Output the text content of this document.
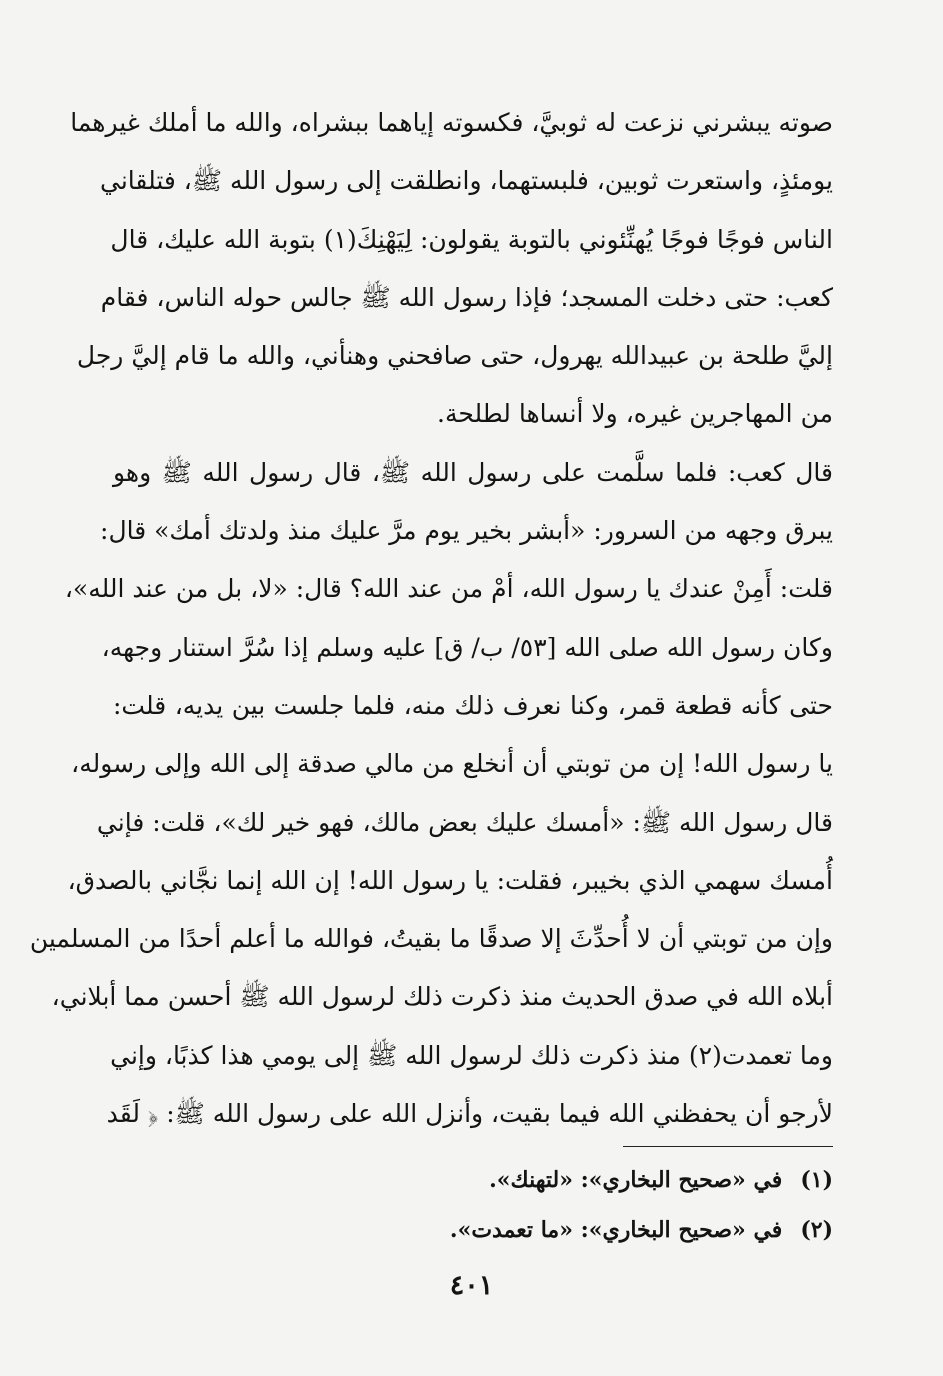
صوته يبشرني نزعت له ثوبيَّ، فكسوته إياهما ببشراه، والله ما أملك غيرهما
يومئذٍ، واستعرت ثوبين، فلبستهما، وانطلقت إلى رسول الله ﷺ، فتلقاني
الناس فوجًا فوجًا يُهنِّئوني بالتوبة يقولون: لِيَهْنِكَ(١) بتوبة الله عليك، قال
كعب: حتى دخلت المسجد؛ فإذا رسول الله ﷺ جالس حوله الناس، فقام
إليَّ طلحة بن عبيدالله يهرول، حتى صافحني وهنأني، والله ما قام إليَّ رجل
من المهاجرين غيره، ولا أنساها لطلحة.
قال كعب: فلما سلَّمت على رسول الله ﷺ، قال رسول الله ﷺ وهو
يبرق وجهه من السرور: «أبشر بخير يوم مرَّ عليك منذ ولدتك أمك» قال:
قلت: أَمِنْ عندك يا رسول الله، أمْ من عند الله؟ قال: «لا، بل من عند الله»،
وكان رسول الله صلى الله [٥٣/ ب/ ق] عليه وسلم إذا سُرَّ استنار وجهه،
حتى كأنه قطعة قمر، وكنا نعرف ذلك منه، فلما جلست بين يديه، قلت:
يا رسول الله! إن من توبتي أن أنخلع من مالي صدقة إلى الله وإلى رسوله،
قال رسول الله ﷺ: «أمسك عليك بعض مالك، فهو خير لك»، قلت: فإني
أُمسك سهمي الذي بخيبر، فقلت: يا رسول الله! إن الله إنما نجَّاني بالصدق،
وإن من توبتي أن لا أُحدِّثَ إلا صدقًا ما بقيتُ، فوالله ما أعلم أحدًا من المسلمين
أبلاه الله في صدق الحديث منذ ذكرت ذلك لرسول الله ﷺ أحسن مما أبلاني،
وما تعمدت(٢) منذ ذكرت ذلك لرسول الله ﷺ إلى يومي هذا كذبًا، وإني
لأرجو أن يحفظني الله فيما بقيت، وأنزل الله على رسول الله ﷺ: ﴿ لَقَد
(١)في «صحيح البخاري»: «لتهنك».
(٢)في «صحيح البخاري»: «ما تعمدت».
٤٠١
